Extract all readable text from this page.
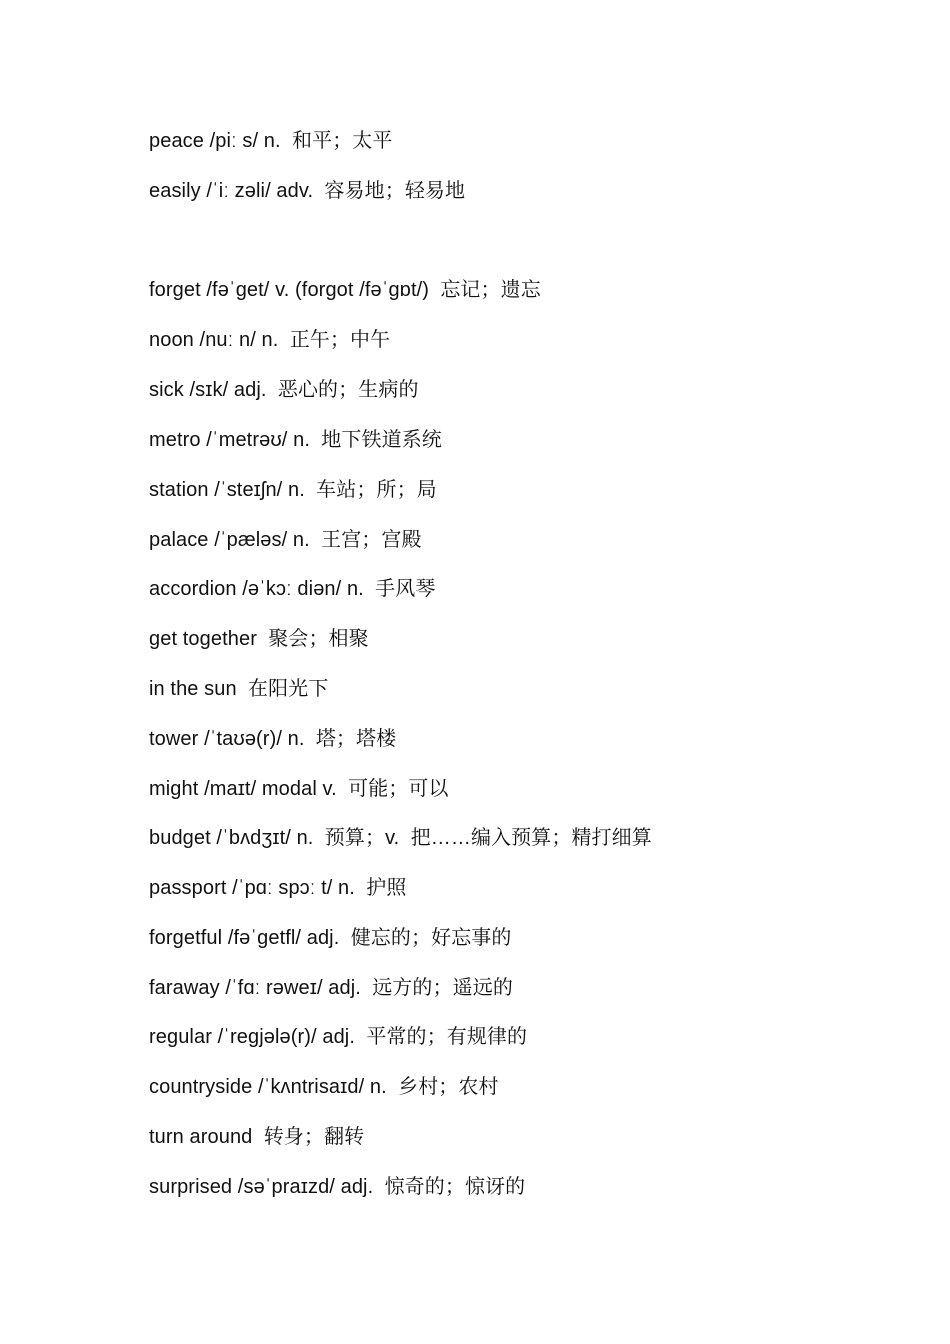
peace /piː s/ n.  和平；太平
easily /ˈiː zəli/ adv.  容易地；轻易地
forget /fəˈɡet/ v. (forgot /fəˈɡɒt/)  忘记；遗忘
noon /nuː n/ n.  正午；中午
sick /sɪk/ adj.  恶心的；生病的
metro /ˈmetrəʊ/ n.  地下铁道系统
station /ˈsteɪʃn/ n.  车站；所；局
palace /ˈpæləs/ n.  王宫；宫殿
accordion /əˈkɔː diən/ n.  手风琴
get together  聚会；相聚
in the sun  在阳光下
tower /ˈtaʊə(r)/ n.  塔；塔楼
might /maɪt/ modal v.  可能；可以
budget /ˈbʌdʒɪt/ n.  预算；v.  把……编入预算；精打细算
passport /ˈpɑː spɔː t/ n.  护照
forgetful /fəˈɡetfl/ adj.  健忘的；好忘事的
faraway /ˈfɑː rəweɪ/ adj.  远方的；遥远的
regular /ˈreɡjələ(r)/ adj.  平常的；有规律的
countryside /ˈkʌntrisaɪd/ n.  乡村；农村
turn around  转身；翻转
surprised /səˈpraɪzd/ adj.  惊奇的；惊讶的
